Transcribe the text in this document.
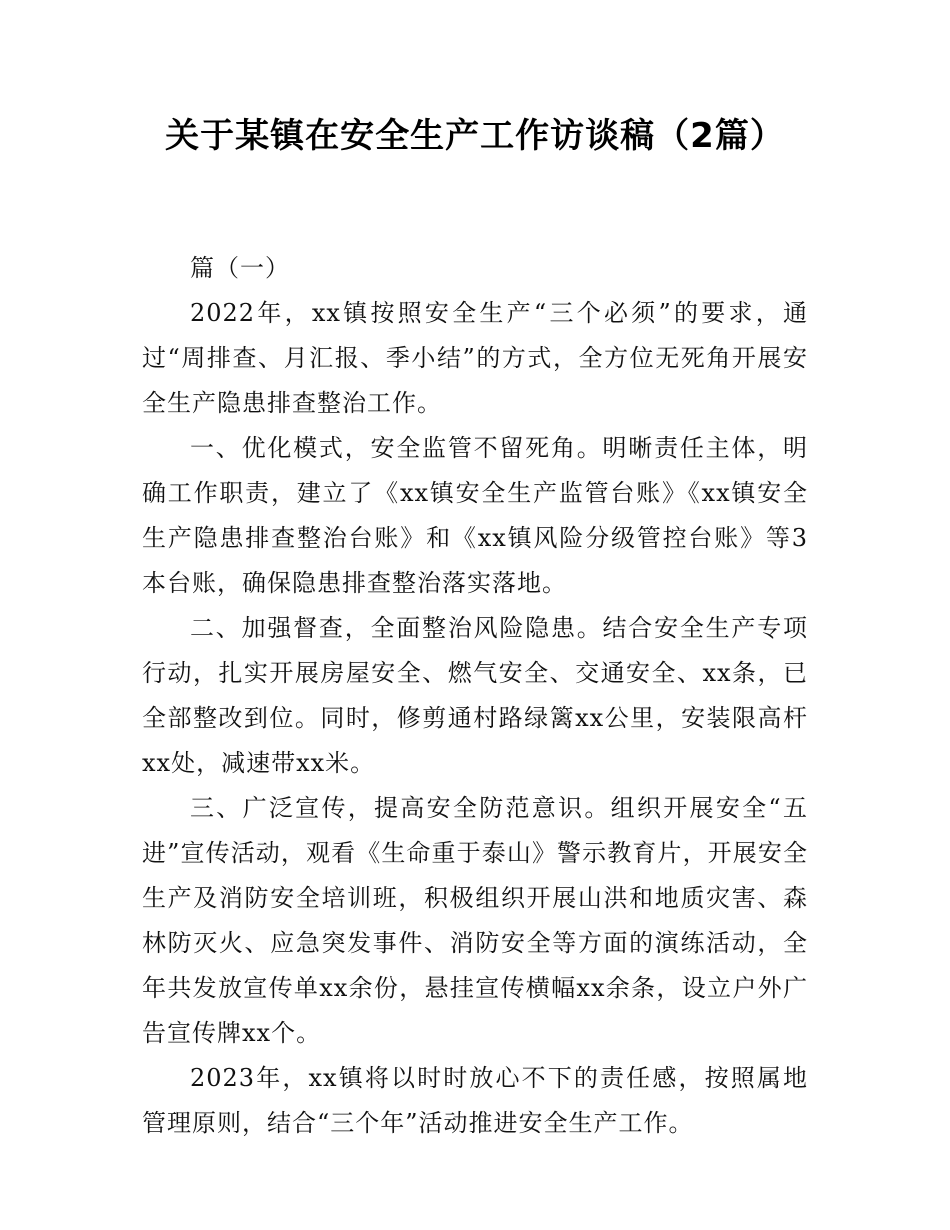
关于某镇在安全生产工作访谈稿（2篇）

篇（一）

2022年，xx镇按照安全生产“三个必须”的要求，通过“周排查、月汇报、季小结”的方式，全方位无死角开展安全生产隐患排查整治工作。

一、优化模式，安全监管不留死角。明晰责任主体，明确工作职责，建立了《xx镇安全生产监管台账》《xx镇安全生产隐患排查整治台账》和《xx镇风险分级管控台账》等3本台账，确保隐患排查整治落实落地。

二、加强督查，全面整治风险隐患。结合安全生产专项行动，扎实开展房屋安全、燃气安全、交通安全、xx条，已全部整改到位。同时，修剪通村路绿篱xx公里，安装限高杆xx处，减速带xx米。

三、广泛宣传，提高安全防范意识。组织开展安全“五进”宣传活动，观看《生命重于泰山》警示教育片，开展安全生产及消防安全培训班，积极组织开展山洪和地质灾害、森林防灭火、应急突发事件、消防安全等方面的演练活动，全年共发放宣传单xx余份，悬挂宣传横幅xx余条，设立户外广告宣传牌xx个。

2023年，xx镇将以时时放心不下的责任感，按照属地管理原则，结合“三个年”活动推进安全生产工作。
